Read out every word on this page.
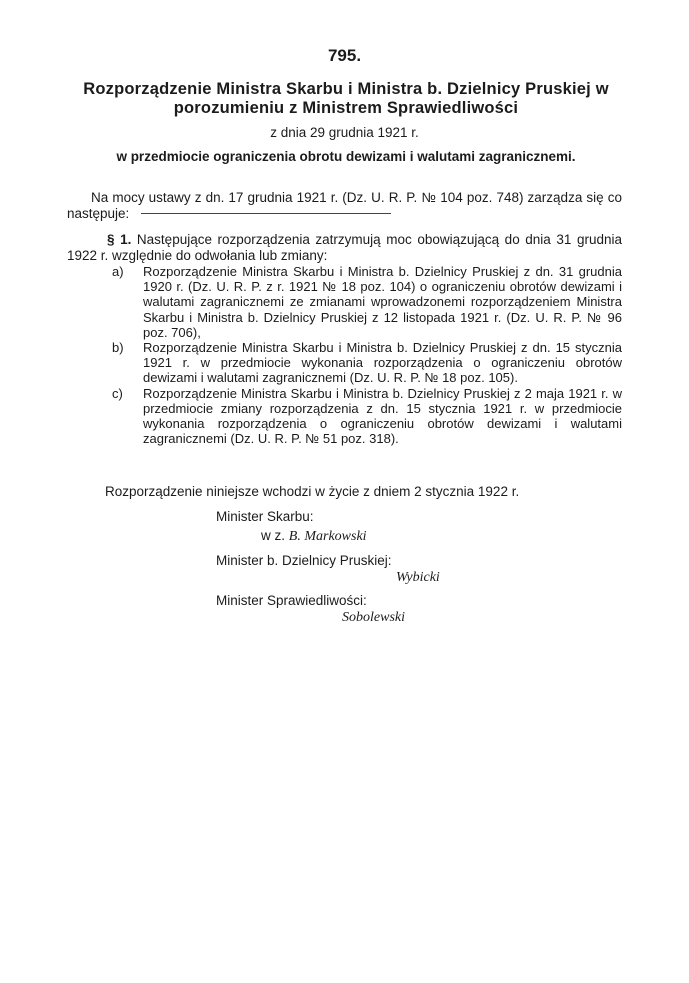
795.
Rozporządzenie Ministra Skarbu i Ministra b. Dzielnicy Pruskiej w porozumieniu z Ministrem Sprawiedliwości
z dnia 29 grudnia 1921 r.
w przedmiocie ograniczenia obrotu dewizami i walutami zagranicznemi.
Na mocy ustawy z dn. 17 grudnia 1921 r. (Dz. U. R. P. № 104 poz. 748) zarządza się co następuje:
§ 1. Następujące rozporządzenia zatrzymują moc obowiązującą do dnia 31 grudnia 1922 r. względnie do odwołania lub zmiany:
a) Rozporządzenie Ministra Skarbu i Ministra b. Dzielnicy Pruskiej z dn. 31 grudnia 1920 r. (Dz. U. R. P. z r. 1921 № 18 poz. 104) o ograniczeniu obrotów dewizami i walutami zagranicznemi ze zmianami wprowadzonemi rozporządzeniem Ministra Skarbu i Ministra b. Dzielnicy Pruskiej z 12 listopada 1921 r. (Dz. U. R. P. № 96 poz. 706),
b) Rozporządzenie Ministra Skarbu i Ministra b. Dzielnicy Pruskiej z dn. 15 stycznia 1921 r. w przedmiocie wykonania rozporządzenia o ograniczeniu obrotów dewizami i walutami zagranicznemi (Dz. U. R. P. № 18 poz. 105).
c) Rozporządzenie Ministra Skarbu i Ministra b. Dzielnicy Pruskiej z 2 maja 1921 r. w przedmiocie zmiany rozporządzenia z dn. 15 stycznia 1921 r. w przedmiocie wykonania rozporządzenia o ograniczeniu obrotów dewizami i walutami zagranicznemi (Dz. U. R. P. № 51 poz. 318).
Rozporządzenie niniejsze wchodzi w życie z dniem 2 stycznia 1922 r.
Minister Skarbu:
w z. B. Markowski
Minister b. Dzielnicy Pruskiej:
Wybicki
Minister Sprawiedliwości:
Sobolewski
